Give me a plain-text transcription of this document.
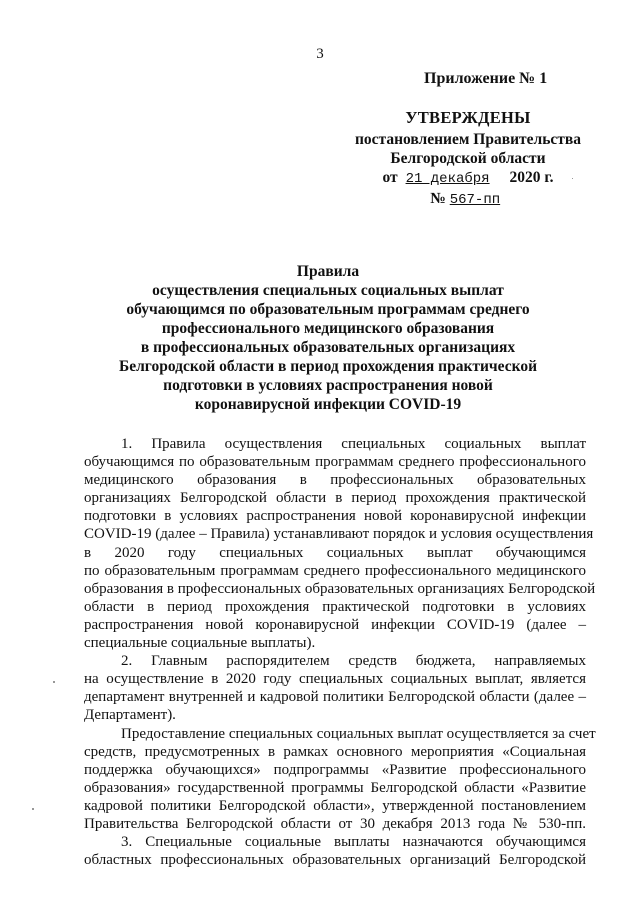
3
Приложение № 1
УТВЕРЖДЕНЫ
постановлением Правительства
Белгородской области
от 21 декабря 2020 г.
№ 567-пп
Правила
осуществления специальных социальных выплат
обучающимся по образовательным программам среднего
профессионального медицинского образования
в профессиональных образовательных организациях
Белгородской области в период прохождения практической
подготовки в условиях распространения новой
коронавирусной инфекции COVID-19
1. Правила осуществления специальных социальных выплат
обучающимся по образовательным программам среднего профессионального
медицинского образования в профессиональных образовательных
организациях Белгородской области в период прохождения практической
подготовки в условиях распространения новой коронавирусной инфекции
COVID-19 (далее – Правила) устанавливают порядок и условия осуществления
в 2020 году специальных социальных выплат обучающимся
по образовательным программам среднего профессионального медицинского
образования в профессиональных образовательных организациях Белгородской
области в период прохождения практической подготовки в условиях
распространения новой коронавирусной инфекции COVID-19 (далее –
специальные социальные выплаты).
2. Главным распорядителем средств бюджета, направляемых
на осуществление в 2020 году специальных социальных выплат, является
департамент внутренней и кадровой политики Белгородской области (далее –
Департамент).
Предоставление специальных социальных выплат осуществляется за счет
средств, предусмотренных в рамках основного мероприятия «Социальная
поддержка обучающихся» подпрограммы «Развитие профессионального
образования» государственной программы Белгородской области «Развитие
кадровой политики Белгородской области», утвержденной постановлением
Правительства Белгородской области от 30 декабря 2013 года № 530-пп.
3. Специальные социальные выплаты назначаются обучающимся
областных профессиональных образовательных организаций Белгородской
